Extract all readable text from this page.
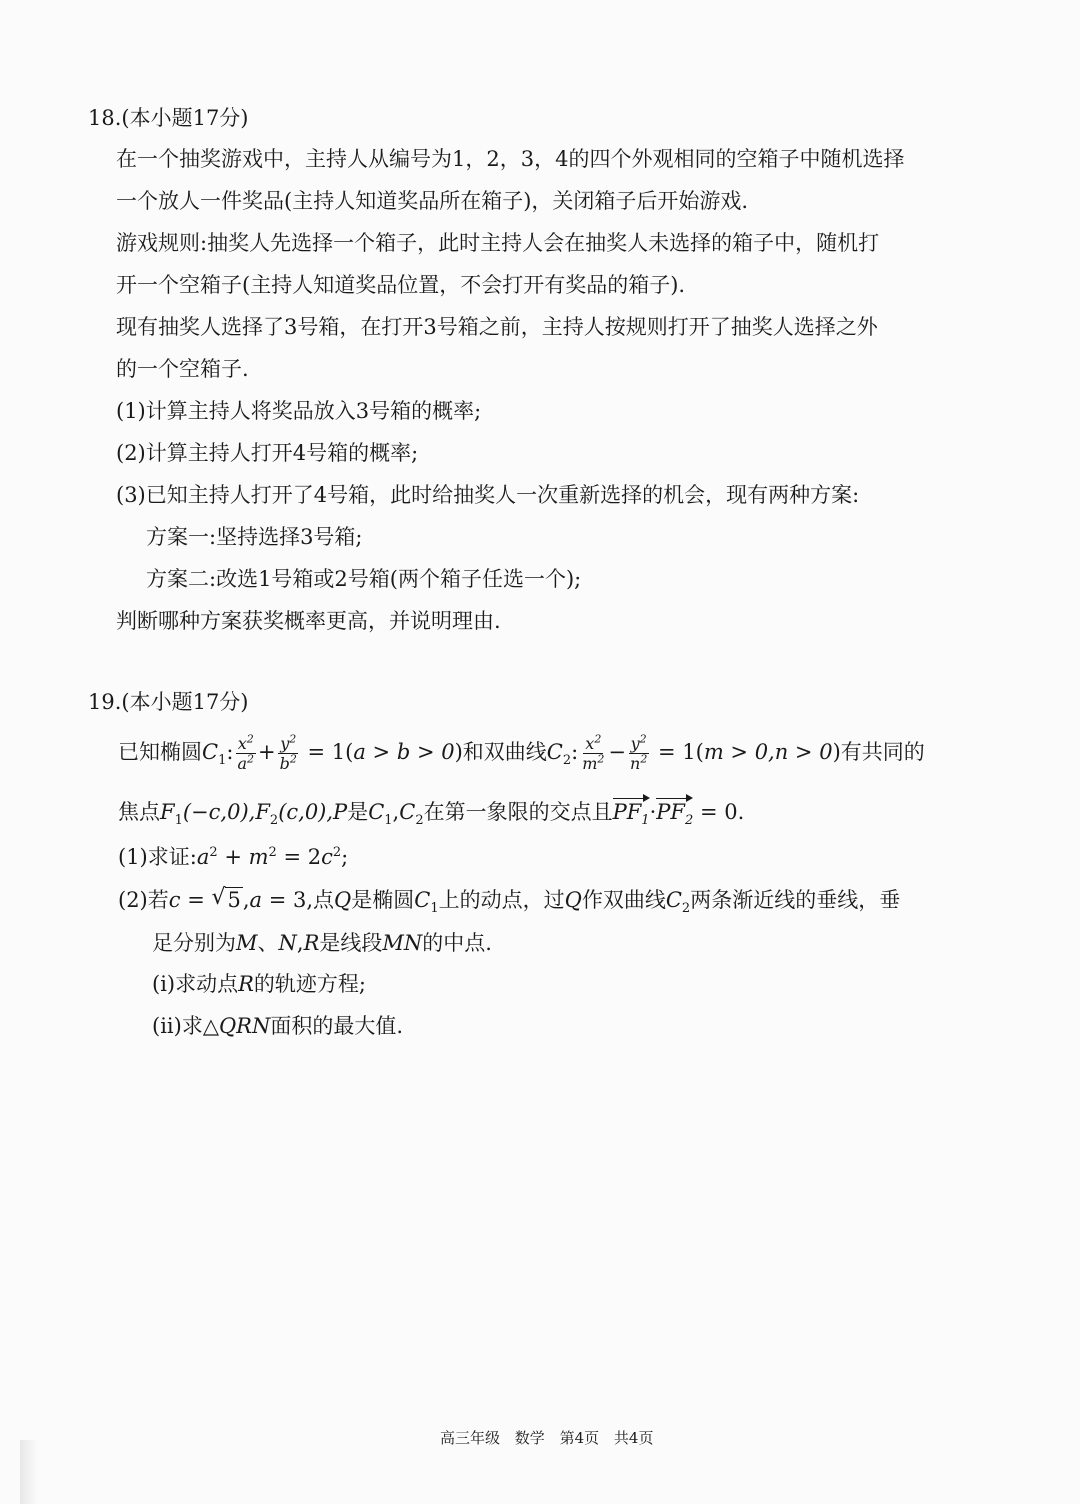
18.(本小题17分)
在一个抽奖游戏中，主持人从编号为1，2，3，4的四个外观相同的空箱子中随机选择
一个放人一件奖品(主持人知道奖品所在箱子)，关闭箱子后开始游戏.
游戏规则:抽奖人先选择一个箱子，此时主持人会在抽奖人未选择的箱子中，随机打
开一个空箱子(主持人知道奖品位置，不会打开有奖品的箱子).
现有抽奖人选择了3号箱，在打开3号箱之前，主持人按规则打开了抽奖人选择之外
的一个空箱子.
(1)计算主持人将奖品放入3号箱的概率;
(2)计算主持人打开4号箱的概率;
(3)已知主持人打开了4号箱，此时给抽奖人一次重新选择的机会，现有两种方案:
方案一:坚持选择3号箱;
方案二:改选1号箱或2号箱(两个箱子任选一个);
判断哪种方案获奖概率更高，并说明理由.
19.(本小题17分)
已知椭圆$C_1$: $\frac{x^2}{a^2} + \frac{y^2}{b^2} = 1(a > b > 0)$和双曲线$C_2$: $\frac{x^2}{m^2} - \frac{y^2}{n^2} = 1(m > 0,n > 0)$有共同的
焦点$F_1(-c,0),F_2(c,0),P$是$C_1,C_2$在第一象限的交点且$PF_1\cdot PF_2 = 0$.
(1)求证$:a^2 + m^2 = 2c^2$;
(2)若c = √ 5,a = 3,点Q是椭圆$C_1$上的动点，过Q作双曲线$C_2$两条渐近线的垂线，垂
足分别为M、N,R是线段MN的中点.
(i)求动点R的轨迹方程;
(ii)求△QRN面积的最大值.
高三年级 数学 第4页 共4页
